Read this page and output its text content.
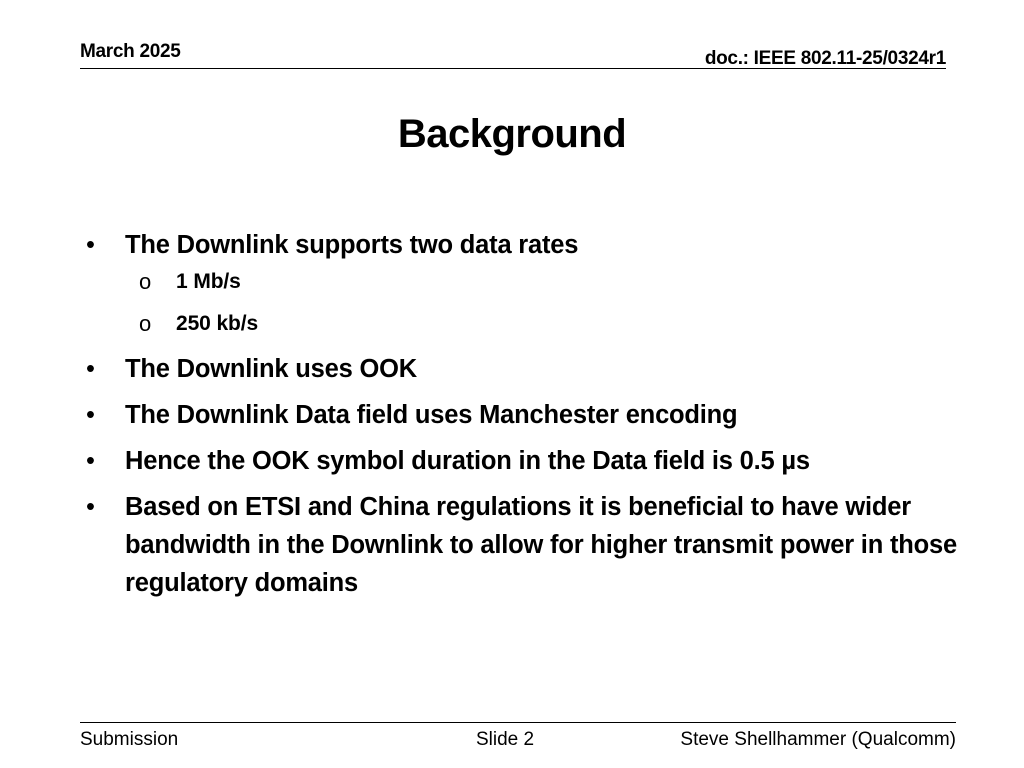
March 2025	doc.: IEEE 802.11-25/0324r1
Background
• The Downlink supports two data rates
o 1 Mb/s
o 250 kb/s
• The Downlink uses OOK
• The Downlink Data field uses Manchester encoding
• Hence the OOK symbol duration in the Data field is 0.5 µs
• Based on ETSI and China regulations it is beneficial to have wider bandwidth in the Downlink to allow for higher transmit power in those regulatory domains
Submission	Slide 2	Steve Shellhammer (Qualcomm)
